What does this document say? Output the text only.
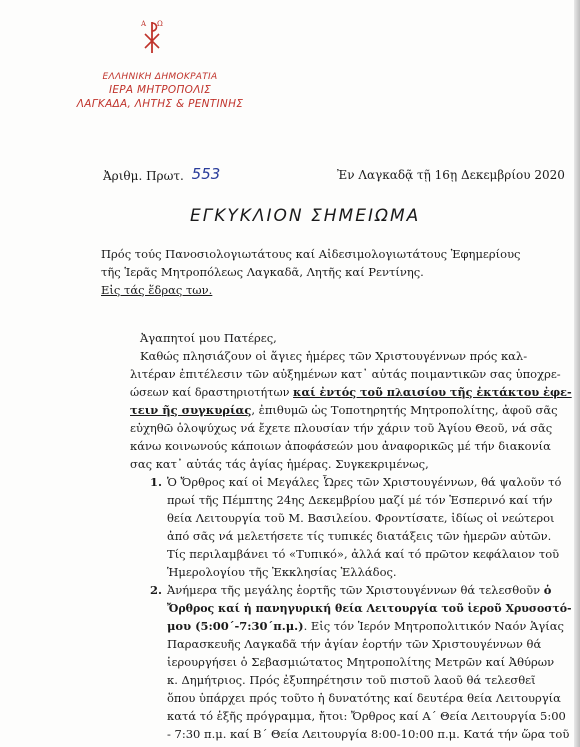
Α Ω
ΕΛΛΗΝΙΚΗ ΔΗΜΟΚΡΑΤΙΑ
ΙΕΡΑ ΜΗΤΡΟΠΟΛΙΣ
ΛΑΓΚΑΔΑ, ΛΗΤΗΣ & ΡΕΝΤΙΝΗΣ
Ἀριθμ. Πρωτ. 553	Ἐν Λαγκαδᾷ τῇ 16ῃ Δεκεμβρίου 2020
ΕΓΚΥΚΛΙΟΝ ΣΗΜΕΙΩΜΑ
Πρός τούς Πανοσιολογιωτάτους καί Αἰδεσιμολογιωτάτους Ἐφημερίους
τῆς Ἱερᾶς Μητροπόλεως Λαγκαδᾶ, Λητῆς καί Ρεντίνης.
Εἰς τάς ἕδρας των.
Ἀγαπητοί μου Πατέρες,
Καθώς πλησιάζουν οἱ ἅγιες ἡμέρες τῶν Χριστουγέννων πρός καλ-
λιτέραν ἐπιτέλεσιν τῶν αὐξημένων κατ᾽ αὐτάς ποιμαντικῶν σας ὑποχρε-
ώσεων καί δραστηριοτήτων καί ἐντός τοῦ πλαισίου τῆς ἐκτάκτου ἐφε-
τειν ῆς συγκυρίας, ἐπιθυμῶ ὡς Τοποτηρητής Μητροπολίτης, ἀφοῦ σᾶς
εὐχηθῶ ὁλοψύχως νά ἔχετε πλουσίαν τήν χάριν τοῦ Ἁγίου Θεοῦ, νά σᾶς
κάνω κοινωνούς κάποιων ἀποφάσεών μου ἀναφορικῶς μέ τήν διακονία
σας κατ᾽ αὐτάς τάς ἁγίας ἡμέρας. Συγκεκριμένως,
1. Ὁ Ὄρθρος καί οἱ Μεγάλες Ὧρες τῶν Χριστουγέννων, θά ψαλοῦν τό
πρωί τῆς Πέμπτης 24ης Δεκεμβρίου μαζί μέ τόν Ἑσπερινό καί τήν
θεία Λειτουργία τοῦ Μ. Βασιλείου. Φροντίσατε, ἰδίως οἱ νεώτεροι
ἀπό σᾶς νά μελετήσετε τίς τυπικές διατάξεις τῶν ἡμερῶν αὐτῶν.
Τίς περιλαμβάνει τό «Τυπικό», ἀλλά καί τό πρῶτον κεφάλαιον τοῦ
Ἡμερολογίου τῆς Ἐκκλησίας Ἑλλάδος.
2. Ἀνήμερα τῆς μεγάλης ἑορτῆς τῶν Χριστουγέννων θά τελεσθοῦν ὁ
Ὄρθρος καί ἡ πανηγυρική θεία Λειτουργία τοῦ ἱεροῦ Χρυσοστό-
μου (5:00΄-7:30΄π.μ.). Εἰς τόν Ἱερόν Μητροπολιτικόν Ναόν Ἁγίας
Παρασκευῆς Λαγκαδᾶ τήν ἁγίαν ἑορτήν τῶν Χριστουγέννων θά
ἱερουργήσει ὁ Σεβασμιώτατος Μητροπολίτης Μετρῶν καί Ἀθύρων
κ. Δημήτριος. Πρός ἐξυπηρέτησιν τοῦ πιστοῦ λαοῦ θά τελεσθεῖ
ὅπου ὑπάρχει πρός τοῦτο ἡ δυνατότης καί δευτέρα θεία Λειτουργία
κατά τό ἑξῆς πρόγραμμα, ἤτοι: Ὄρθρος καί Α΄ Θεία Λειτουργία 5:00
- 7:30 π.μ. καί Β΄ Θεία Λειτουργία 8:00-10:00 π.μ. Κατά τήν ὥρα τοῦ
